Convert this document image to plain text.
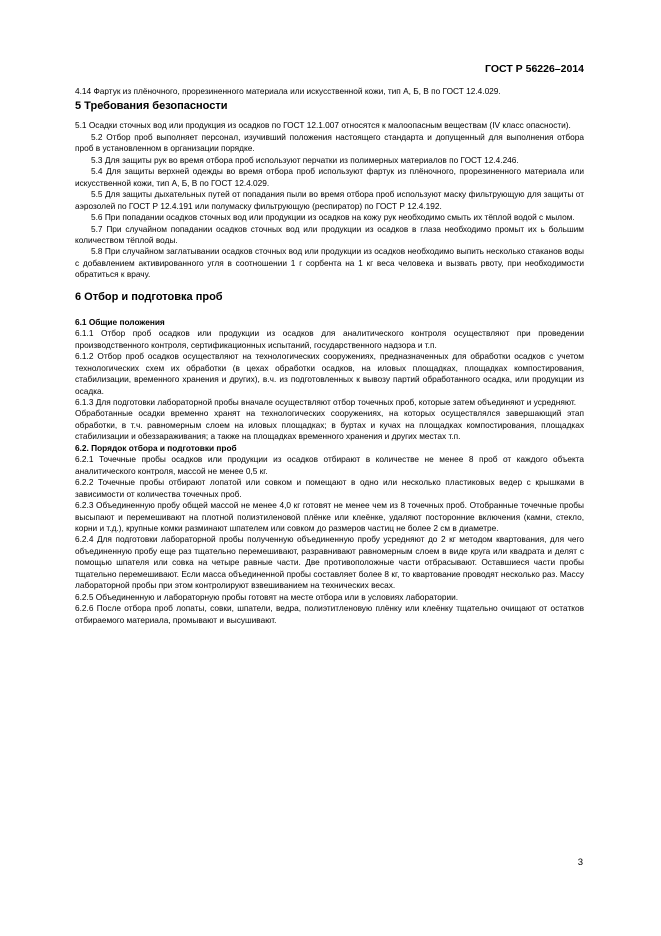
ГОСТ Р 56226–2014

4.14 Фартук из плёночного, прорезиненного материала или искусственной кожи, тип А, Б, В по ГОСТ 12.4.029.

5 Требования безопасности

5.1 Осадки сточных вод или продукция из осадков по ГОСТ 12.1.007 относятся к малоопасным веществам (IV класс опасности).

5.2 Отбор проб выполняет персонал, изучивший положения настоящего стандарта и допущенный для выполнения отбора проб в установленном в организации порядке.

5.3 Для защиты рук во время отбора проб используют перчатки из полимерных материалов по ГОСТ 12.4.246.

5.4 Для защиты верхней одежды во время отбора проб используют фартук из плёночного, прорезиненного материала или искусственной кожи, тип А, Б, В по ГОСТ 12.4.029.

5.5 Для защиты дыхательных путей от попадания пыли во время отбора проб используют маску фильтрующую для защиты от аэрозолей по ГОСТ Р 12.4.191 или полумаску фильтрующую (респиратор) по ГОСТ Р 12.4.192.

5.6 При попадании осадков сточных вод или продукции из осадков на кожу рук необходимо смыть их тёплой водой с мылом.

5.7 При случайном попадании осадков сточных вод или продукции из осадков в глаза необходимо промыт их ь большим количеством тёплой воды.

5.8 При случайном заглатывании осадков сточных вод или продукции из осадков необходимо выпить несколько стаканов воды с добавлением активированного угля в соотношении 1 г сорбента на 1 кг веса человека и вызвать рвоту, при необходимости обратиться к врачу.

6 Отбор и подготовка проб

6.1 Общие положения

6.1.1 Отбор проб осадков или продукции из осадков для аналитического контроля осуществляют при проведении производственного контроля, сертификационных испытаний, государственного надзора и т.п.

6.1.2 Отбор проб осадков осуществляют на технологических сооружениях, предназначенных для обработки осадков с учетом технологических схем их обработки (в цехах обработки осадков, на иловых площадках, площадках компостирования, стабилизации, временного хранения и других), в.ч. из подготовленных к вывозу партий обработанного осадка, или продукции из осадка.

6.1.3 Для подготовки лабораторной пробы вначале осуществляют отбор точечных проб, которые затем объединяют и усредняют.

Обработанные осадки временно хранят на технологических сооружениях, на которых осуществлялся завершающий этап обработки, в т.ч. равномерным слоем на иловых площадках; в буртах и кучах на площадках компостирования, площадках стабилизации и обеззараживания; а также на площадках временного хранения и других местах т.п.

6.2. Порядок отбора и подготовки проб

6.2.1 Точечные пробы осадков или продукции из осадков отбирают в количестве не менее 8 проб от каждого объекта аналитического контроля, массой не менее 0,5 кг.

6.2.2 Точечные пробы отбирают лопатой или совком и помещают в одно или несколько пластиковых ведер с крышками в зависимости от количества точечных проб.

6.2.3 Объединенную пробу общей массой не менее 4,0 кг готовят не менее чем из 8 точечных проб. Отобранные точечные пробы высыпают и перемешивают на плотной полиэтиленовой плёнке или клеёнке, удаляют посторонние включения (камни, стекло, корни и т.д.), крупные комки разминают шпателем или совком до размеров частиц не более 2 см в диаметре.

6.2.4 Для подготовки лабораторной пробы полученную объединенную пробу усредняют до 2 кг методом квартования, для чего объединенную пробу еще раз тщательно перемешивают, разравнивают равномерным слоем в виде круга или квадрата и делят с помощью шпателя или совка на четыре равные части. Две противоположные части отбрасывают. Оставшиеся части пробы тщательно перемешивают. Если масса объединенной пробы составляет более 8 кг, то квартование проводят несколько раз. Массу лабораторной пробы при этом контролируют взвешиванием на технических весах.

6.2.5 Объединенную и лабораторную пробы готовят на месте отбора или в условиях лаборатории.

6.2.6 После отбора проб лопаты, совки, шпатели, ведра, полиэтитленовую плёнку или клеёнку тщательно очищают от остатков отбираемого материала, промывают и высушивают.

3
